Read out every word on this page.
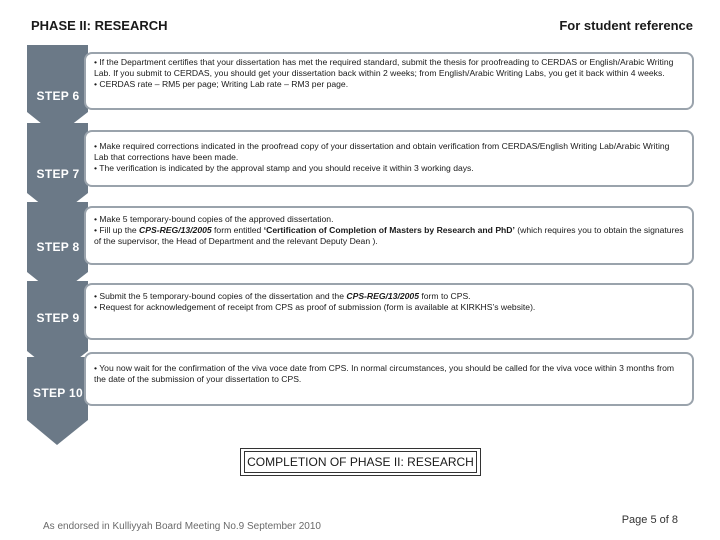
PHASE II: RESEARCH	For student reference
STEP 6
STEP 7
STEP 8
STEP 9
STEP 10

• If the Department certifies that your dissertation has met the required standard, submit the thesis for proofreading to CERDAS or English/Arabic Writing Lab. If you submit to CERDAS, you should get your dissertation back within 2 weeks; from English/Arabic Writing Labs, you get it back within 4 weeks.

• CERDAS rate – RM5 per page; Writing Lab rate – RM3 per page.

• Make required corrections indicated in the proofread copy of your dissertation and obtain verification from CERDAS/English Writing Lab/Arabic Writing Lab that corrections have been made.

• The verification is indicated by the approval stamp and you should receive it within 3 working days.

• Make 5 temporary-bound copies of the approved dissertation.

• Fill up the CPS-REG/13/2005 form entitled ‘Certification of Completion of Masters by Research and PhD’ (which requires you to obtain the signatures of the supervisor, the Head of Department and the relevant Deputy Dean ).

• Submit the 5 temporary-bound copies of the dissertation and the CPS-REG/13/2005 form to CPS.

• Request for acknowledgement of receipt from CPS as proof of submission (form is available at KIRKHS’s website).

• You now wait for the confirmation of the viva voce date from CPS. In normal circumstances, you should be called for the viva voce within 3 months from the date of the submission of your dissertation to CPS.

COMPLETION OF PHASE II: RESEARCH
As endorsed in Kulliyyah Board Meeting No.9 September 2010
Page 5 of 8
